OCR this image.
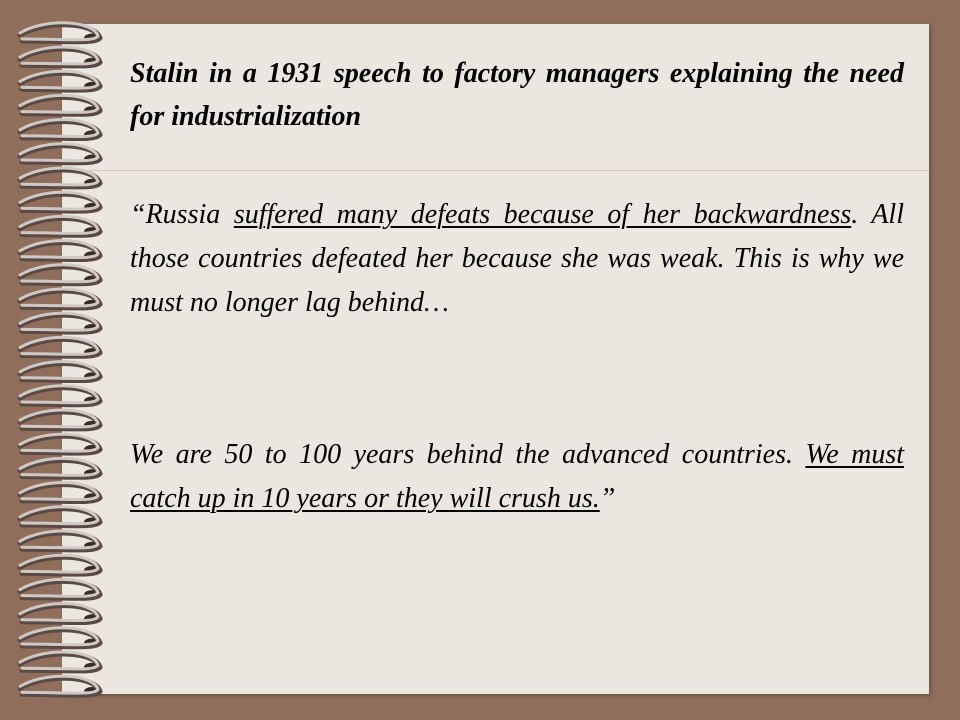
Stalin in a 1931 speech to factory managers explaining the need for industrialization

“Russia suffered many defeats because of her backwardness. All those countries defeated her because she was weak. This is why we must no longer lag behind…

We are 50 to 100 years behind the advanced countries. We must catch up in 10 years or they will crush us.”
